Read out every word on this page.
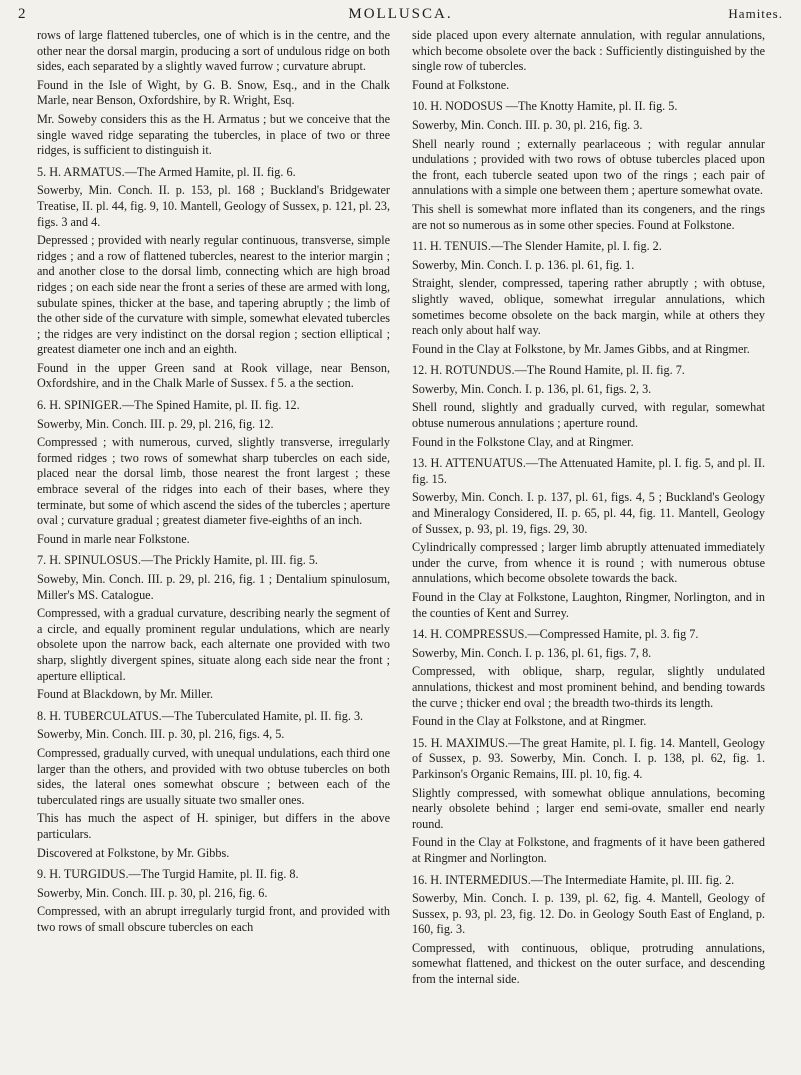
2	MOLLUSCA.	Hamites.

rows of large flattened tubercles, one of which is in the centre, and the other near the dorsal margin, producing a sort of undulous ridge on both sides, each separated by a slightly waved furrow ; curvature abrupt.

Found in the Isle of Wight, by G. B. Snow, Esq., and in the Chalk Marle, near Benson, Oxfordshire, by R. Wright, Esq.

Mr. Soweby considers this as the H. Armatus ; but we conceive that the single waved ridge separating the tubercles, in place of two or three ridges, is sufficient to distinguish it.

5. H. ARMATUS.—The Armed Hamite, pl. II. fig. 6.

Sowerby, Min. Conch. II. p. 153, pl. 168 ; Buckland's Bridgewater Treatise, II. pl. 44, fig. 9, 10. Mantell, Geology of Sussex, p. 121, pl. 23, figs. 3 and 4.

Depressed ; provided with nearly regular continuous, transverse, simple ridges ; and a row of flattened tubercles, nearest to the interior margin ; and another close to the dorsal limb, connecting which are high broad ridges ; on each side near the front a series of these are armed with long, subulate spines, thicker at the base, and tapering abruptly ; the limb of the other side of the curvature with simple, somewhat elevated tubercles ; the ridges are very indistinct on the dorsal region ; section elliptical ; greatest diameter one inch and an eighth.

Found in the upper Green sand at Rook village, near Benson, Oxfordshire, and in the Chalk Marle of Sussex. f 5. a the section.

6. H. SPINIGER.—The Spined Hamite, pl. II. fig. 12.

Sowerby, Min. Conch. III. p. 29, pl. 216, fig. 12.

Compressed ; with numerous, curved, slightly transverse, irregularly formed ridges ; two rows of somewhat sharp tubercles on each side, placed near the dorsal limb, those nearest the front largest ; these embrace several of the ridges into each of their bases, where they terminate, but some of which ascend the sides of the tubercles ; aperture oval ; curvature gradual ; greatest diameter five-eighths of an inch.

Found in marle near Folkstone.

7. H. SPINULOSUS.—The Prickly Hamite, pl. III. fig. 5.

Soweby, Min. Conch. III. p. 29, pl. 216, fig. 1 ; Dentalium spinulosum, Miller's MS. Catalogue.

Compressed, with a gradual curvature, describing nearly the segment of a circle, and equally prominent regular undulations, which are nearly obsolete upon the narrow back, each alternate one provided with two sharp, slightly divergent spines, situate along each side near the front ; aperture elliptical.

Found at Blackdown, by Mr. Miller.

8. H. TUBERCULATUS.—The Tuberculated Hamite, pl. II. fig. 3.

Sowerby, Min. Conch. III. p. 30, pl. 216, figs. 4, 5.

Compressed, gradually curved, with unequal undulations, each third one larger than the others, and provided with two obtuse tubercles on both sides, the lateral ones somewhat obscure ; between each of the tuberculated rings are usually situate two smaller ones.

This has much the aspect of H. spiniger, but differs in the above particulars.

Discovered at Folkstone, by Mr. Gibbs.

9. H. TURGIDUS.—The Turgid Hamite, pl. II. fig. 8.

Sowerby, Min. Conch. III. p. 30, pl. 216, fig. 6.

Compressed, with an abrupt irregularly turgid front, and provided with two rows of small obscure tubercles on each

side placed upon every alternate annulation, with regular annulations, which become obsolete over the back : Sufficiently distinguished by the single row of tubercles.

Found at Folkstone.

10. H. NODOSUS —The Knotty Hamite, pl. II. fig. 5.

Sowerby, Min. Conch. III. p. 30, pl. 216, fig. 3.

Shell nearly round ; externally pearlaceous ; with regular annular undulations ; provided with two rows of obtuse tubercles placed upon the front, each tubercle seated upon two of the rings ; each pair of annulations with a simple one between them ; aperture somewhat ovate.

This shell is somewhat more inflated than its congeners, and the rings are not so numerous as in some other species. Found at Folkstone.

11. H. TENUIS.—The Slender Hamite, pl. I. fig. 2.

Sowerby, Min. Conch. I. p. 136. pl. 61, fig. 1.

Straight, slender, compressed, tapering rather abruptly ; with obtuse, slightly waved, oblique, somewhat irregular annulations, which sometimes become obsolete on the back margin, while at others they reach only about half way.

Found in the Clay at Folkstone, by Mr. James Gibbs, and at Ringmer.

12. H. ROTUNDUS.—The Round Hamite, pl. II. fig. 7.

Sowerby, Min. Conch. I. p. 136, pl. 61, figs. 2, 3.

Shell round, slightly and gradually curved, with regular, somewhat obtuse numerous annulations ; aperture round.

Found in the Folkstone Clay, and at Ringmer.

13. H. ATTENUATUS.—The Attenuated Hamite, pl. I. fig. 5, and pl. II. fig. 15.

Sowerby, Min. Conch. I. p. 137, pl. 61, figs. 4, 5 ; Buckland's Geology and Mineralogy Considered, II. p. 65, pl. 44, fig. 11. Mantell, Geology of Sussex, p. 93, pl. 19, figs. 29, 30.

Cylindrically compressed ; larger limb abruptly attenuated immediately under the curve, from whence it is round ; with numerous obtuse annulations, which become obsolete towards the back.

Found in the Clay at Folkstone, Laughton, Ringmer, Norlington, and in the counties of Kent and Surrey.

14. H. COMPRESSUS.—Compressed Hamite, pl. 3. fig 7.

Sowerby, Min. Conch. I. p. 136, pl. 61, figs. 7, 8.

Compressed, with oblique, sharp, regular, slightly undulated annulations, thickest and most prominent behind, and bending towards the curve ; thicker end oval ; the breadth two-thirds its length.

Found in the Clay at Folkstone, and at Ringmer.

15. H. MAXIMUS.—The great Hamite, pl. I. fig. 14. Mantell, Geology of Sussex, p. 93. Sowerby, Min. Conch. I. p. 138, pl. 62, fig. 1. Parkinson's Organic Remains, III. pl. 10, fig. 4.

Slightly compressed, with somewhat oblique annulations, becoming nearly obsolete behind ; larger end semi-ovate, smaller end nearly round.

Found in the Clay at Folkstone, and fragments of it have been gathered at Ringmer and Norlington.

16. H. INTERMEDIUS.—The Intermediate Hamite, pl. III. fig. 2.

Sowerby, Min. Conch. I. p. 139, pl. 62, fig. 4. Mantell, Geology of Sussex, p. 93, pl. 23, fig. 12. Do. in Geology South East of England, p. 160, fig. 3.

Compressed, with continuous, oblique, protruding annulations, somewhat flattened, and thickest on the outer surface, and descending from the internal side.
